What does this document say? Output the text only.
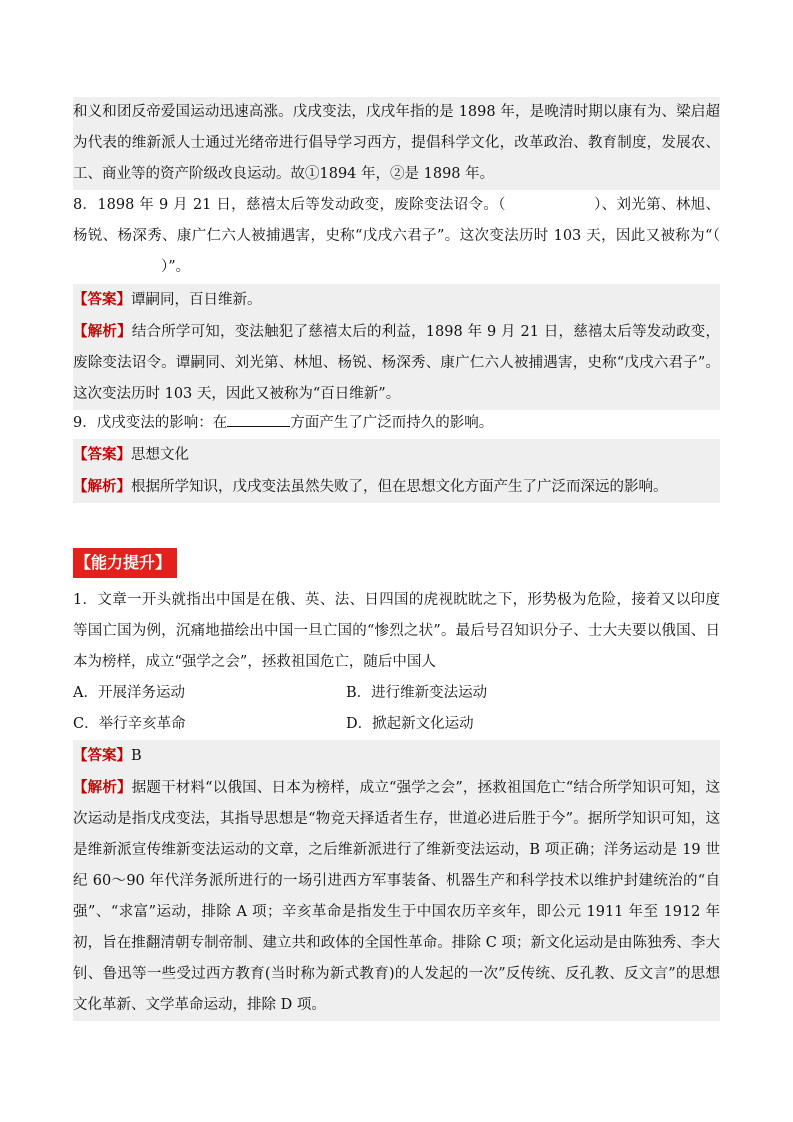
和义和团反帝爱国运动迅速高涨。戊戌变法，戊戌年指的是 1898 年，是晚清时期以康有为、梁启超为代表的维新派人士通过光绪帝进行倡导学习西方，提倡科学文化，改革政治、教育制度，发展农、工、商业等的资产阶级改良运动。故①1894 年，②是 1898 年。

8．1898 年 9 月 21 日，慈禧太后等发动政变，废除变法诏令。（	）、刘光第、林旭、杨锐、杨深秀、康广仁六人被捕遇害，史称“戊戌六君子”。这次变法历时 103 天，因此又被称为“（）”。

【答案】谭嗣同，百日维新。

【解析】结合所学可知，变法触犯了慈禧太后的利益，1898 年 9 月 21 日，慈禧太后等发动政变，废除变法诏令。谭嗣同、刘光第、林旭、杨锐、杨深秀、康广仁六人被捕遇害，史称“戊戌六君子”。这次变法历时 103 天，因此又被称为“百日维新”。

9．戊戌变法的影响：在	方面产生了广泛而持久的影响。

【答案】思想文化

【解析】根据所学知识，戊戌变法虽然失败了，但在思想文化方面产生了广泛而深远的影响。

【能力提升】

1．文章一开头就指出中国是在俄、英、法、日四国的虎视眈眈之下，形势极为危险，接着又以印度等国亡国为例，沉痛地描绘出中国一旦亡国的“惨烈之状”。最后号召知识分子、士大夫要以俄国、日本为榜样，成立“强学之会”，拯救祖国危亡，随后中国人

A．开展洋务运动	B．进行维新变法运动
C．举行辛亥革命	D．掀起新文化运动

【答案】B

【解析】据题干材料“以俄国、日本为榜样，成立“强学之会”，拯救祖国危亡“结合所学知识可知，这次运动是指戊戌变法，其指导思想是“物竞天择适者生存，世道必进后胜于今”。据所学知识可知，这是维新派宣传维新变法运动的文章，之后维新派进行了维新变法运动，B 项正确；洋务运动是 19 世纪 60～90 年代洋务派所进行的一场引进西方军事装备、机器生产和科学技术以维护封建统治的“自强”、“求富”运动，排除 A 项；辛亥革命是指发生于中国农历辛亥年，即公元 1911 年至 1912 年初，旨在推翻清朝专制帝制、建立共和政体的全国性革命。排除 C 项；新文化运动是由陈独秀、李大钊、鲁迅等一些受过西方教育(当时称为新式教育)的人发起的一次”反传统、反孔教、反文言”的思想文化革新、文学革命运动，排除 D 项。
